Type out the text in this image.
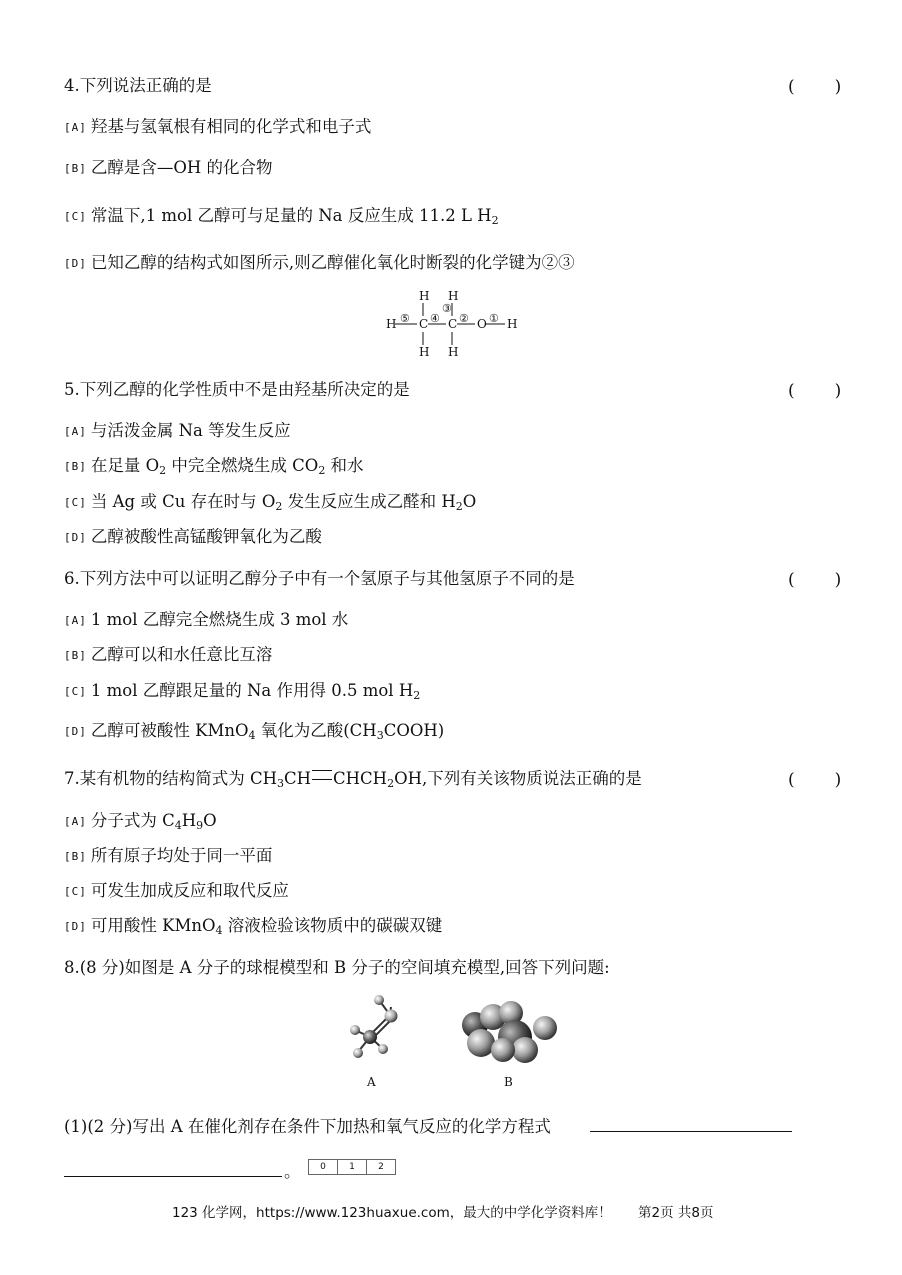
4.下列说法正确的是	(　　)
[A] 羟基与氢氧根有相同的化学式和电子式
[B] 乙醇是含—OH 的化合物
[C] 常温下,1 mol 乙醇可与足量的 Na 反应生成 11.2 L $H_2$
[D] 已知乙醇的结构式如图所示,则乙醇催化氧化时断裂的化学键为②③
H H
H C C O H
H H
⑤ ④
③
② ①
5.下列乙醇的化学性质中不是由羟基所决定的是	(　　)
[A] 与活泼金属 Na 等发生反应
[B] 在足量 $O_2$ 中完全燃烧生成 $CO_2$ 和水
[C] 当 Ag 或 Cu 存在时与 $O_2$ 发生反应生成乙醛和 $H_2O$
[D] 乙醇被酸性高锰酸钾氧化为乙酸
6.下列方法中可以证明乙醇分子中有一个氢原子与其他氢原子不同的是	(　　)
[A] 1 mol 乙醇完全燃烧生成 3 mol 水
[B] 乙醇可以和水任意比互溶
[C] 1 mol 乙醇跟足量的 Na 作用得 0.5 mol $H_2$
[D] 乙醇可被酸性 KMnO$_4$ 氧化为乙酸$(CH_3COOH)$
7.某有机物的结构简式为 $CH_3CH$ $CHCH_2OH$,下列有关该物质说法正确的是	(　　)
[A] 分子式为 $C_4H_9O$
[B] 所有原子均处于同一平面
[C] 可发生加成反应和取代反应
[D] 可用酸性 KMnO$_4$ 溶液检验该物质中的碳碳双键
8.(8 分)如图是 A 分子的球棍模型和 B 分子的空间填充模型,回答下列问题:
A	B
(1)(2 分)写出 A 在催化剂存在条件下加热和氧气反应的化学方程式
。	0	1	2
123 化学网，https://www.123huaxue.com，最大的中学化学资料库！ 第2页 共8页
